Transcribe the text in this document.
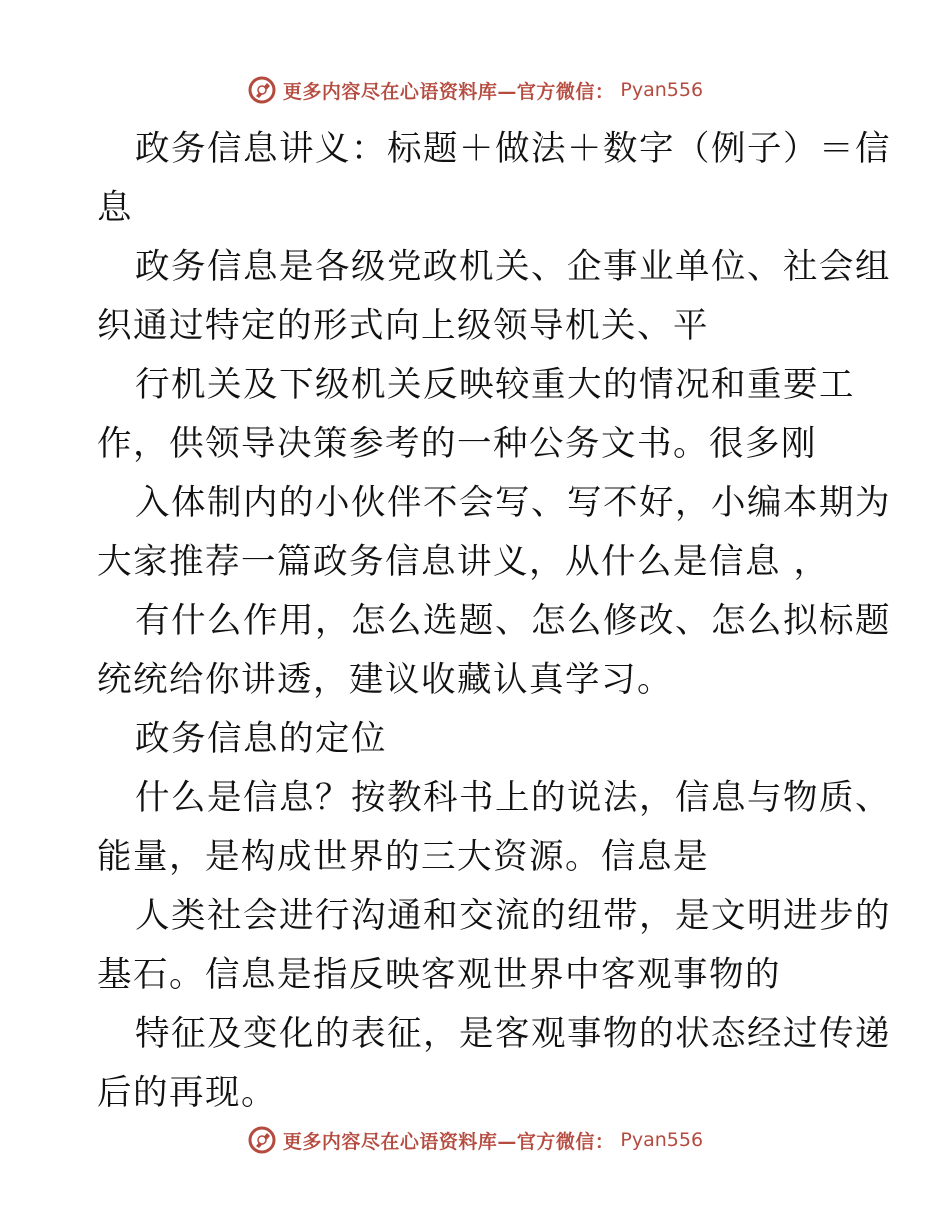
更多内容尽在心语资料库—官方微信： Pyan556
政务信息讲义：标题＋做法＋数字（例子）＝信
息
政务信息是各级党政机关、企事业单位、社会组
织通过特定的形式向上级领导机关、平
行机关及下级机关反映较重大的情况和重要工
作，供领导决策参考的一种公务文书。很多刚
入体制内的小伙伴不会写、写不好，小编本期为
大家推荐一篇政务信息讲义，从什么是信息 ，
有什么作用，怎么选题、怎么修改、怎么拟标题
统统给你讲透，建议收藏认真学习。
政务信息的定位
什么是信息？按教科书上的说法，信息与物质、
能量，是构成世界的三大资源。信息是
人类社会进行沟通和交流的纽带，是文明进步的
基石。信息是指反映客观世界中客观事物的
特征及变化的表征，是客观事物的状态经过传递
后的再现。
更多内容尽在心语资料库—官方微信： Pyan556
